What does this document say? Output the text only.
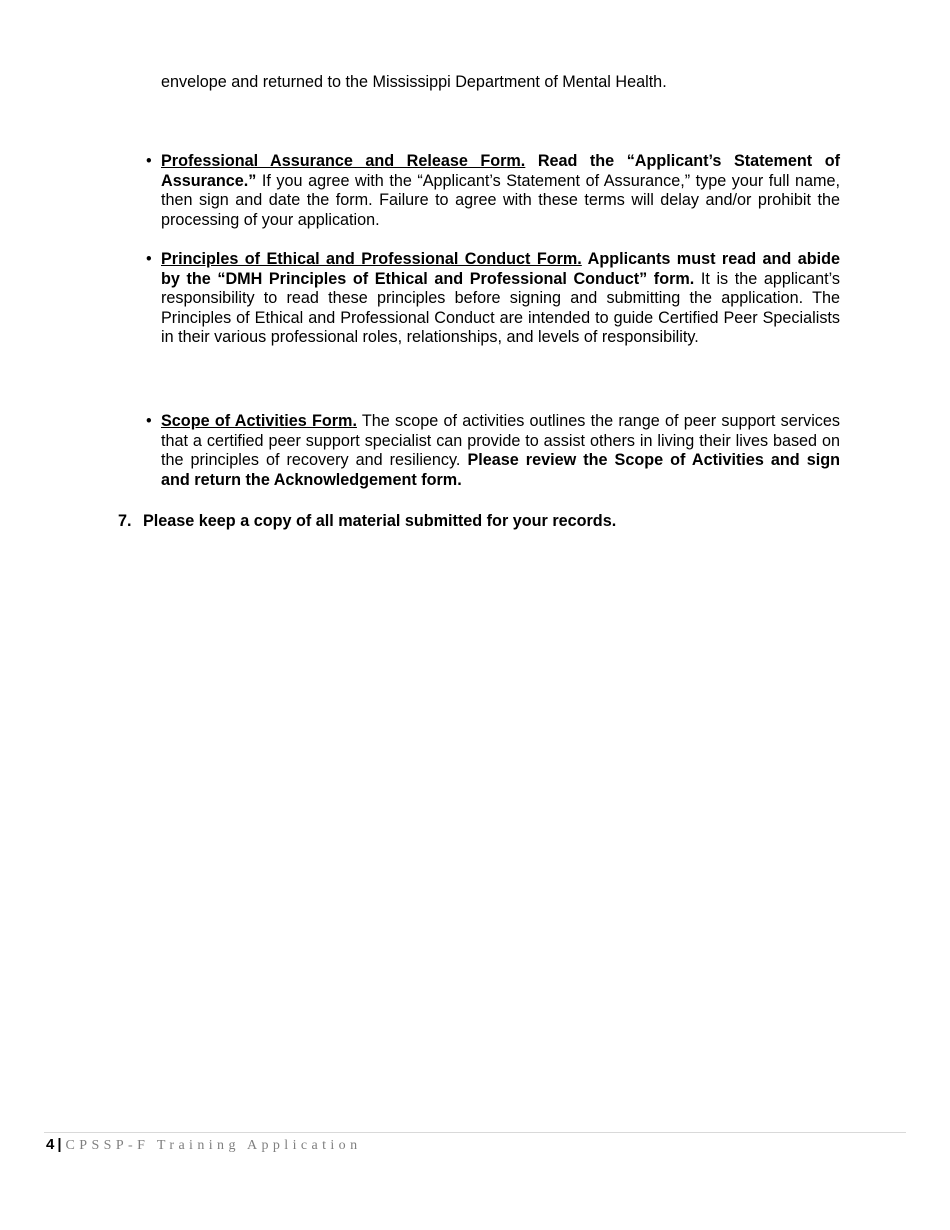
envelope and returned to the Mississippi Department of Mental Health.

• Professional Assurance and Release Form. Read the “Applicant’s Statement of Assurance.” If you agree with the “Applicant’s Statement of Assurance,” type your full name, then sign and date the form. Failure to agree with these terms will delay and/or prohibit the processing of your application.

• Principles of Ethical and Professional Conduct Form. Applicants must read and abide by the “DMH Principles of Ethical and Professional Conduct” form. It is the applicant’s responsibility to read these principles before signing and submitting the application. The Principles of Ethical and Professional Conduct are intended to guide Certified Peer Specialists in their various professional roles, relationships, and levels of responsibility.

• Scope of Activities Form. The scope of activities outlines the range of peer support services that a certified peer support specialist can provide to assist others in living their lives based on the principles of recovery and resiliency. Please review the Scope of Activities and sign and return the Acknowledgement form.

7. Please keep a copy of all material submitted for your records.

4 | CPSSP-F Training Application
